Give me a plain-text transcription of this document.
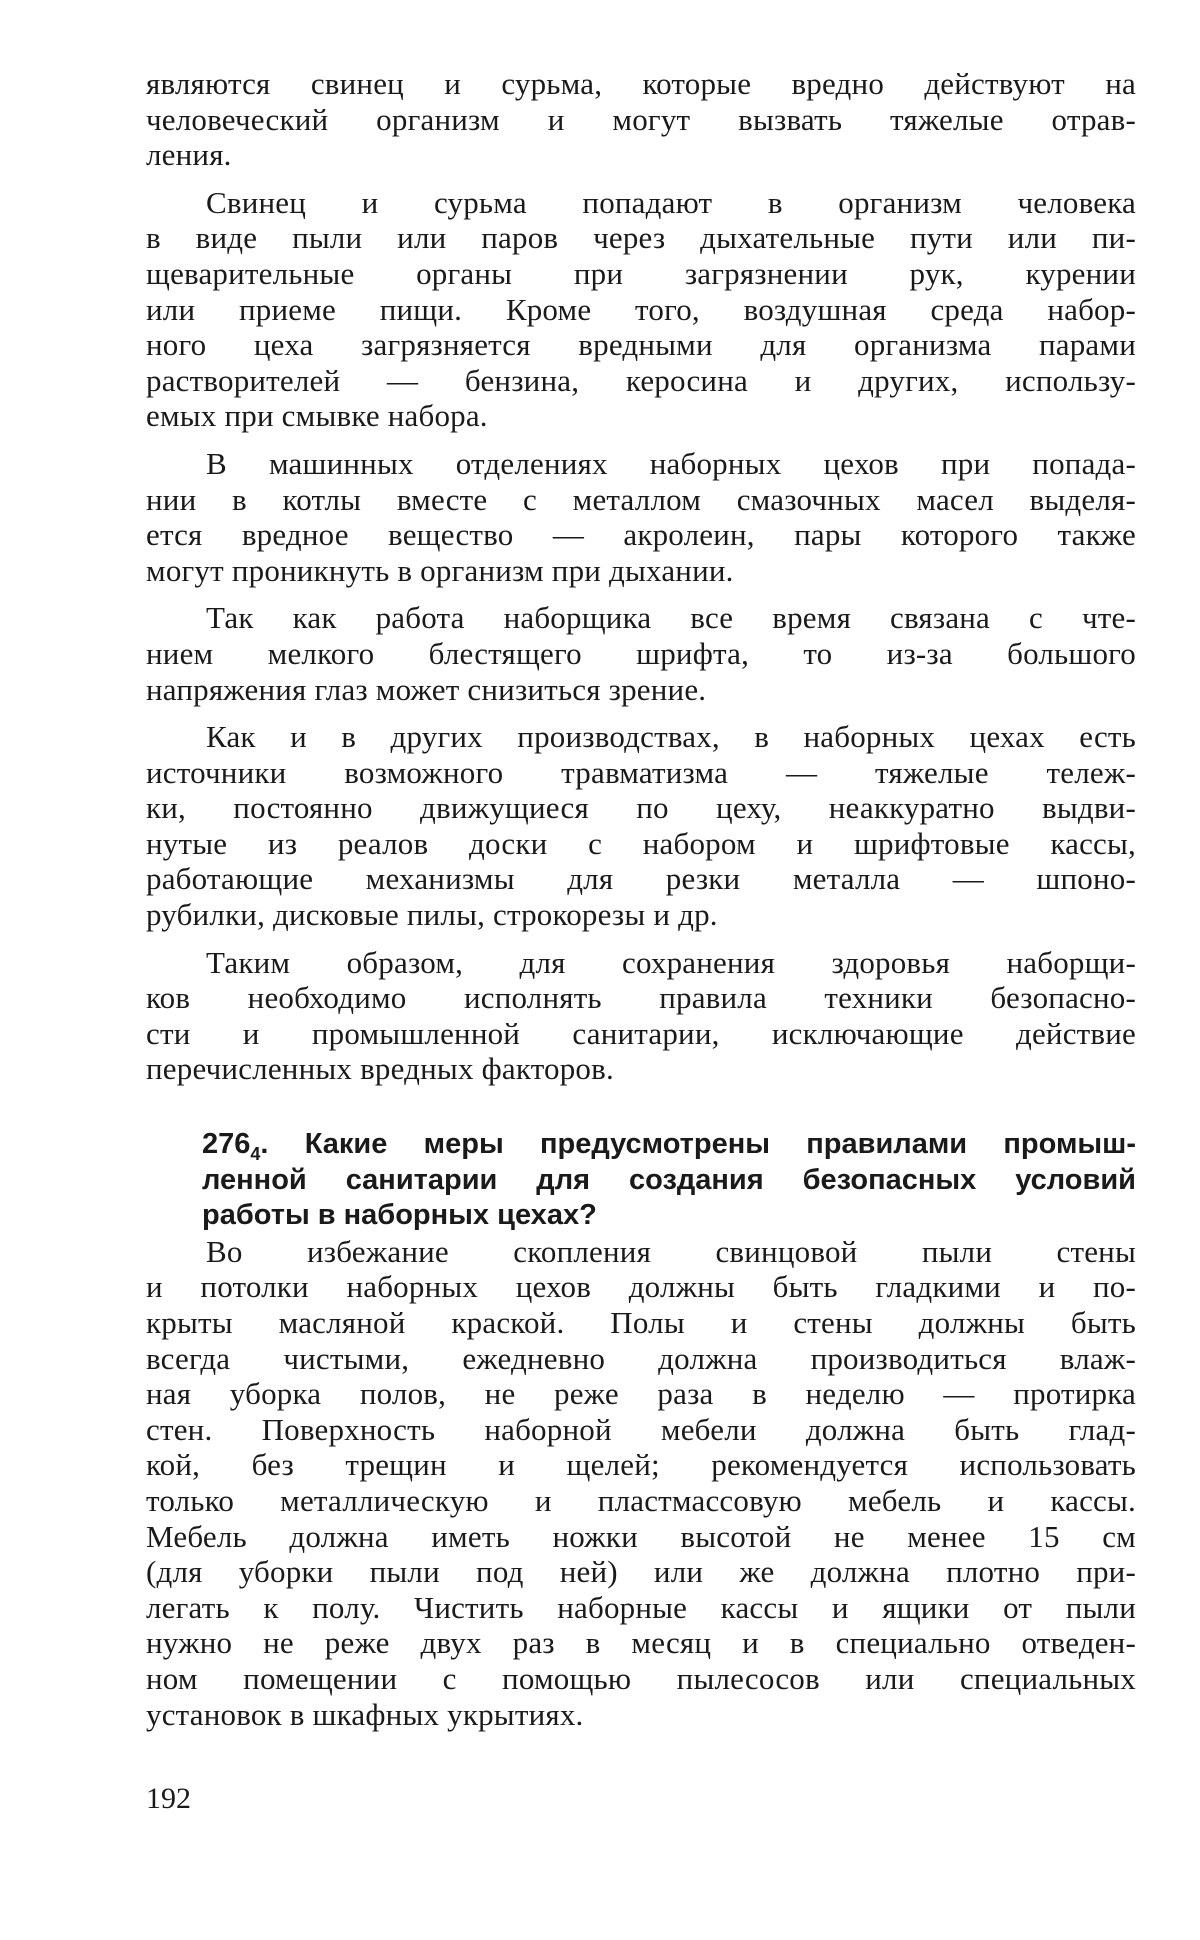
являются свинец и сурьма, которые вредно действуют на
человеческий организм и могут вызвать тяжелые отрав-
ления.
Свинец и сурьма попадают в организм человека
в виде пыли или паров через дыхательные пути или пи-
щеварительные органы при загрязнении рук, курении
или приеме пищи. Кроме того, воздушная среда набор-
ного цеха загрязняется вредными для организма парами
растворителей — бензина, керосина и других, использу-
емых при смывке набора.
В машинных отделениях наборных цехов при попада-
нии в котлы вместе с металлом смазочных масел выделя-
ется вредное вещество — акролеин, пары которого также
могут проникнуть в организм при дыхании.
Так как работа наборщика все время связана с чте-
нием мелкого блестящего шрифта, то из-за большого
напряжения глаз может снизиться зрение.
Как и в других производствах, в наборных цехах есть
источники возможного травматизма — тяжелые тележ-
ки, постоянно движущиеся по цеху, неаккуратно выдви-
нутые из реалов доски с набором и шрифтовые кассы,
работающие механизмы для резки металла — шпоно-
рубилки, дисковые пилы, строкорезы и др.
Таким образом, для сохранения здоровья наборщи-
ков необходимо исполнять правила техники безопасно-
сти и промышленной санитарии, исключающие действие
перечисленных вредных факторов.
$276_4$. Какие меры предусмотрены правилами промыш-
ленной санитарии для создания безопасных условий
работы в наборных цехах?
Во избежание скопления свинцовой пыли стены
и потолки наборных цехов должны быть гладкими и по-
крыты масляной краской. Полы и стены должны быть
всегда чистыми, ежедневно должна производиться влаж-
ная уборка полов, не реже раза в неделю — протирка
стен. Поверхность наборной мебели должна быть глад-
кой, без трещин и щелей; рекомендуется использовать
только металлическую и пластмассовую мебель и кассы.
Мебель должна иметь ножки высотой не менее 15 см
(для уборки пыли под ней) или же должна плотно при-
легать к полу. Чистить наборные кассы и ящики от пыли
нужно не реже двух раз в месяц и в специально отведен-
ном помещении с помощью пылесосов или специальных
установок в шкафных укрытиях.
192
